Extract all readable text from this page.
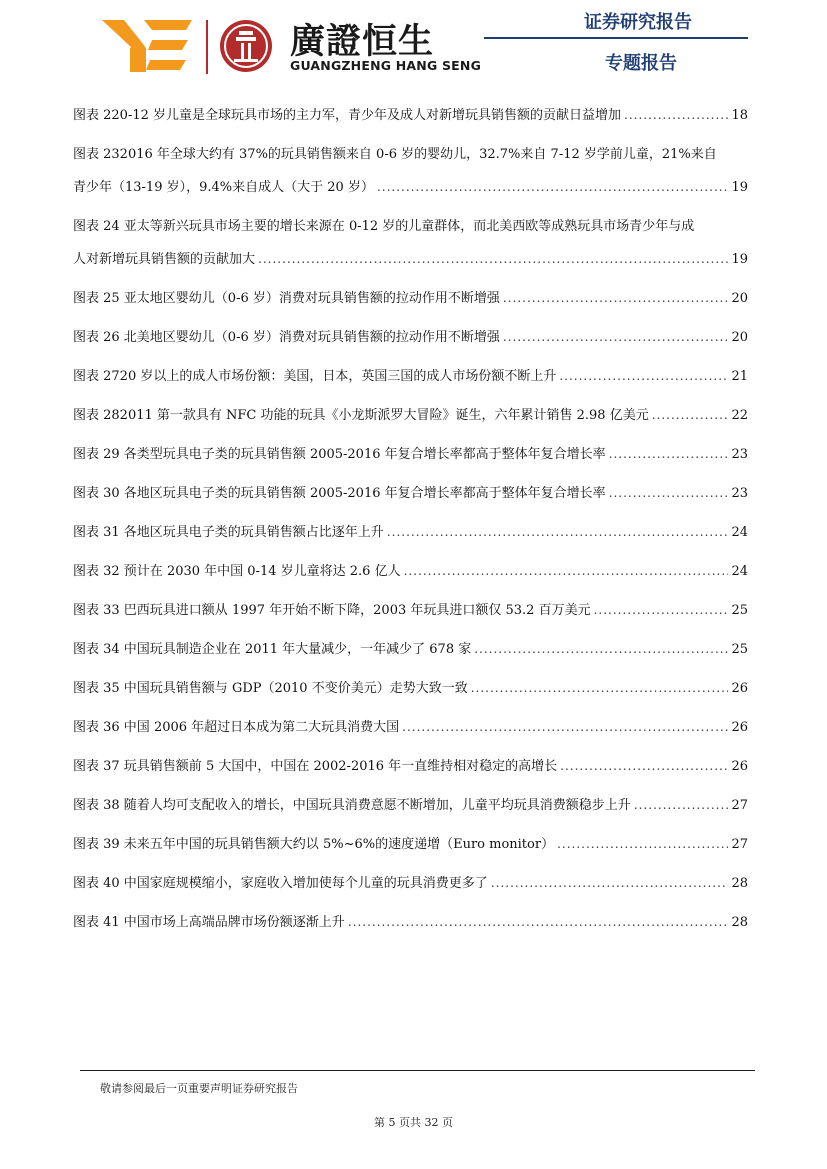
廣證恒生
GUANGZHENG HANG SENG
证券研究报告
专题报告
图表 220-12 岁儿童是全球玩具市场的主力军，青少年及成人对新增玩具销售额的贡献日益增加 .....	18
图表 232016 年全球大约有 37%的玩具销售额来自 0-6 岁的婴幼儿，32.7%来自 7-12 岁学前儿童，21%来自
青少年（13-19 岁），9.4%来自成人（大于 20 岁） .....	19
图表 24 亚太等新兴玩具市场主要的增长来源在 0-12 岁的儿童群体，而北美西欧等成熟玩具市场青少年与成
人对新增玩具销售额的贡献加大 .....	19
图表 25 亚太地区婴幼儿（0-6 岁）消费对玩具销售额的拉动作用不断增强 .....	20
图表 26 北美地区婴幼儿（0-6 岁）消费对玩具销售额的拉动作用不断增强 .....	20
图表 2720 岁以上的成人市场份额：美国，日本，英国三国的成人市场份额不断上升 .....	21
图表 282011 第一款具有 NFC 功能的玩具《小龙斯派罗大冒险》诞生，六年累计销售 2.98 亿美元 .....	22
图表 29 各类型玩具电子类的玩具销售额 2005-2016 年复合增长率都高于整体年复合增长率 .....	23
图表 30 各地区玩具电子类的玩具销售额 2005-2016 年复合增长率都高于整体年复合增长率 .....	23
图表 31 各地区玩具电子类的玩具销售额占比逐年上升 .....	24
图表 32 预计在 2030 年中国 0-14 岁儿童将达 2.6 亿人 .....	24
图表 33 巴西玩具进口额从 1997 年开始不断下降，2003 年玩具进口额仅 53.2 百万美元 .....	25
图表 34 中国玩具制造企业在 2011 年大量减少，一年减少了 678 家 .....	25
图表 35 中国玩具销售额与 GDP（2010 不变价美元）走势大致一致 .....	26
图表 36 中国 2006 年超过日本成为第二大玩具消费大国 .....	26
图表 37 玩具销售额前 5 大国中，中国在 2002-2016 年一直维持相对稳定的高增长 .....	26
图表 38 随着人均可支配收入的增长，中国玩具消费意愿不断增加，儿童平均玩具消费额稳步上升 .....	27
图表 39 未来五年中国的玩具销售额大约以 5%~6%的速度递增（Euro monitor） .....	27
图表 40 中国家庭规模缩小，家庭收入增加使每个儿童的玩具消费更多了 .....	28
图表 41 中国市场上高端品牌市场份额逐渐上升 .....	28
敬请参阅最后一页重要声明证券研究报告
第 5 页共 32 页
